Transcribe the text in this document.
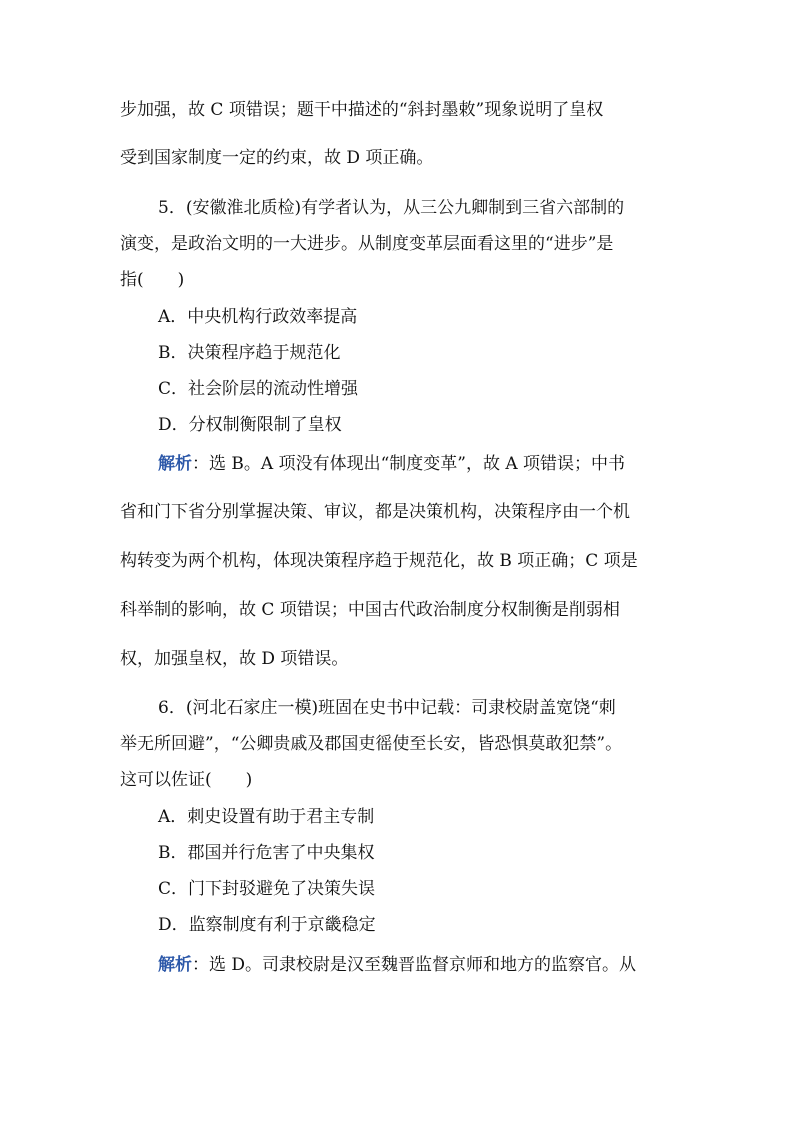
步加强，故 C 项错误；题干中描述的“斜封墨敕”现象说明了皇权
受到国家制度一定的约束，故 D 项正确。
5．(安徽淮北质检)有学者认为，从三公九卿制到三省六部制的
演变，是政治文明的一大进步。从制度变革层面看这里的“进步”是
指(　　)
A．中央机构行政效率提高
B．决策程序趋于规范化
C．社会阶层的流动性增强
D．分权制衡限制了皇权
解析：选 B。A 项没有体现出“制度变革”，故 A 项错误；中书
省和门下省分别掌握决策、审议，都是决策机构，决策程序由一个机
构转变为两个机构，体现决策程序趋于规范化，故 B 项正确；C 项是
科举制的影响，故 C 项错误；中国古代政治制度分权制衡是削弱相
权，加强皇权，故 D 项错误。
6．(河北石家庄一模)班固在史书中记载：司隶校尉盖宽饶“刺
举无所回避”，“公卿贵戚及郡国吏徭使至长安，皆恐惧莫敢犯禁”。
这可以佐证(　　)
A．刺史设置有助于君主专制
B．郡国并行危害了中央集权
C．门下封驳避免了决策失误
D．监察制度有利于京畿稳定
解析：选 D。司隶校尉是汉至魏晋监督京师和地方的监察官。从
